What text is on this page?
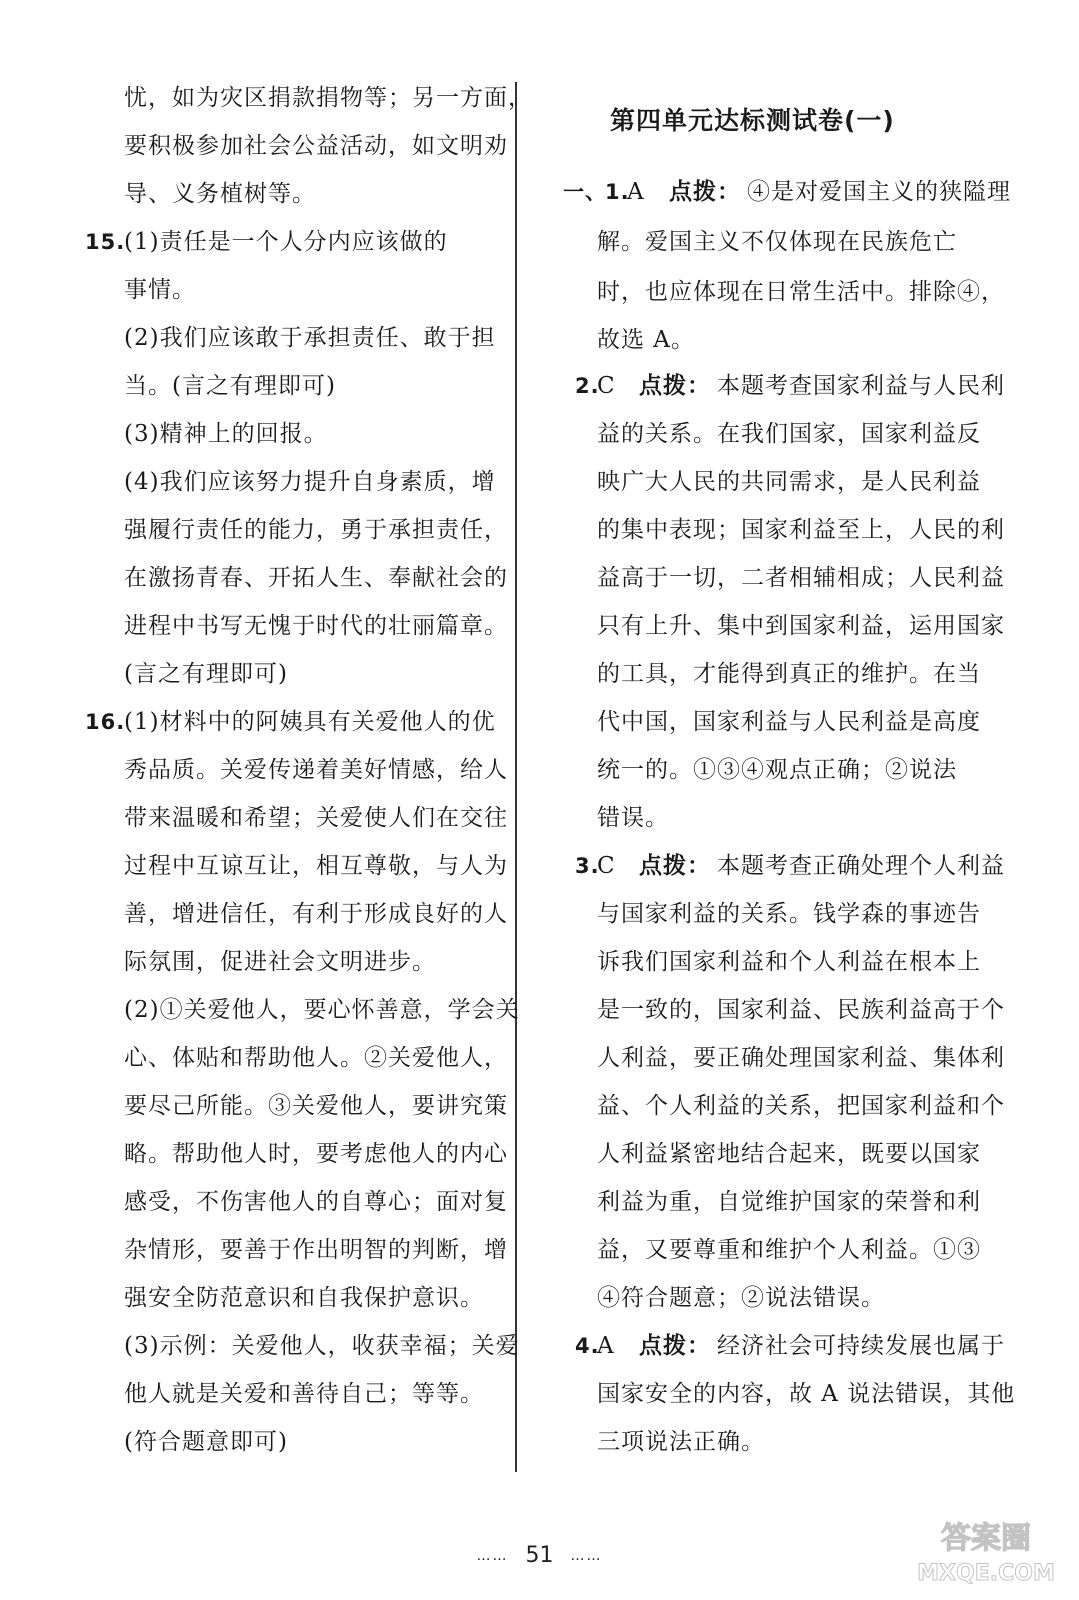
忧，如为灾区捐款捐物等；另一方面，
要积极参加社会公益活动，如文明劝
导、义务植树等。
15.
(1)责任是一个人分内应该做的
事情。
(2)我们应该敢于承担责任、敢于担
当。(言之有理即可)
(3)精神上的回报。
(4)我们应该努力提升自身素质，增
强履行责任的能力，勇于承担责任，
在激扬青春、开拓人生、奉献社会的
进程中书写无愧于时代的壮丽篇章。
(言之有理即可)
16.
(1)材料中的阿姨具有关爱他人的优
秀品质。关爱传递着美好情感，给人
带来温暖和希望；关爱使人们在交往
过程中互谅互让，相互尊敬，与人为
善，增进信任，有利于形成良好的人
际氛围，促进社会文明进步。
(2)①关爱他人，要心怀善意，学会关
心、体贴和帮助他人。②关爱他人，
要尽己所能。③关爱他人，要讲究策
略。帮助他人时，要考虑他人的内心
感受，不伤害他人的自尊心；面对复
杂情形，要善于作出明智的判断，增
强安全防范意识和自我保护意识。
(3)示例：关爱他人，收获幸福；关爱
他人就是关爱和善待自己；等等。
(符合题意即可)
第四单元达标测试卷(一)
一、
1.
A 点拨： ④是对爱国主义的狭隘理
解。爱国主义不仅体现在民族危亡
时，也应体现在日常生活中。排除④，
故选 A。
2.
C 点拨： 本题考查国家利益与人民利
益的关系。在我们国家，国家利益反
映广大人民的共同需求，是人民利益
的集中表现；国家利益至上，人民的利
益高于一切，二者相辅相成；人民利益
只有上升、集中到国家利益，运用国家
的工具，才能得到真正的维护。在当
代中国，国家利益与人民利益是高度
统一的。①③④观点正确；②说法
错误。
3.
C 点拨： 本题考查正确处理个人利益
与国家利益的关系。钱学森的事迹告
诉我们国家利益和个人利益在根本上
是一致的，国家利益、民族利益高于个
人利益，要正确处理国家利益、集体利
益、个人利益的关系，把国家利益和个
人利益紧密地结合起来，既要以国家
利益为重，自觉维护国家的荣誉和利
益，又要尊重和维护个人利益。①③
④符合题意；②说法错误。
4.
A 点拨： 经济社会可持续发展也属于
国家安全的内容，故 A 说法错误，其他
三项说法正确。
…… 51 ……	答案圈
MXQE.COM
